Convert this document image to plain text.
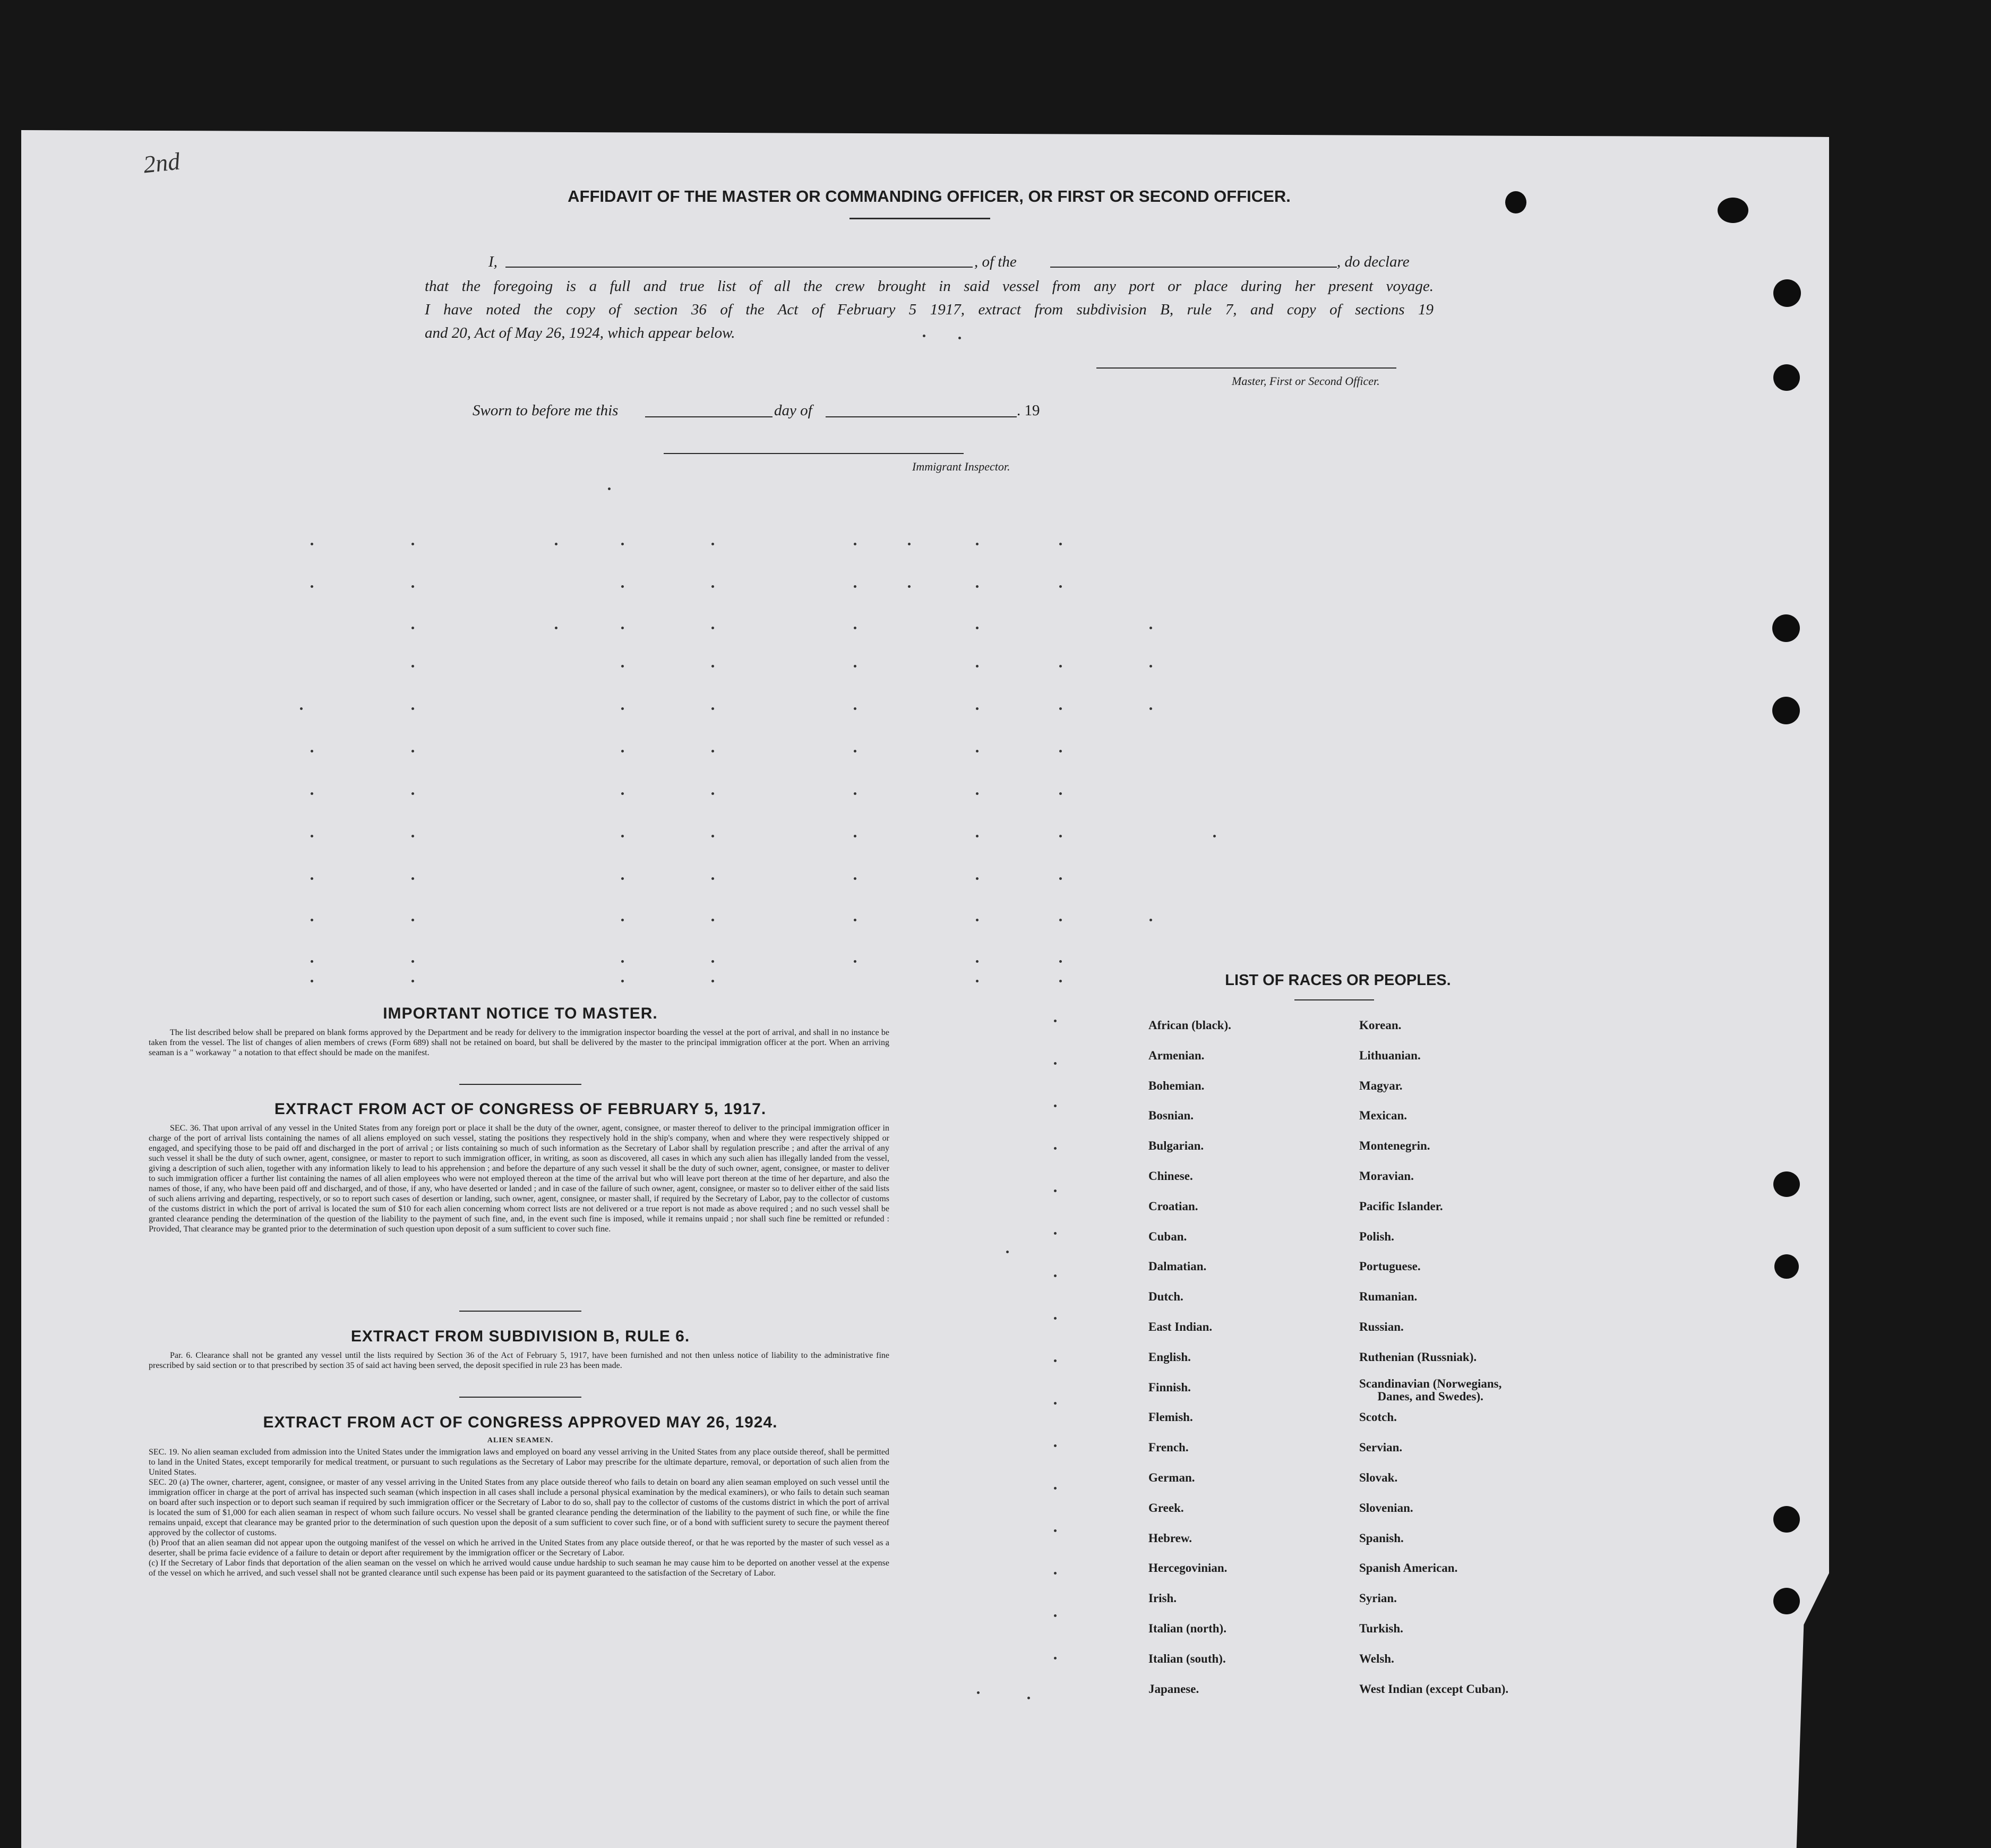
2nd
AFFIDAVIT OF THE MASTER OR COMMANDING OFFICER, OR FIRST OR SECOND OFFICER.
I,	, of the	, do declare
that the foregoing is a full and true list of all the crew brought in said vessel from any port or place during her present voyage.
I have noted the copy of section 36 of the Act of February 5 1917, extract from subdivision B, rule 7, and copy of sections 19
and 20, Act of May 26, 1924, which appear below.
Master, First or Second Officer.
Sworn to before me this	day of	. 19
Immigrant Inspector.
IMPORTANT NOTICE TO MASTER.
The list described below shall be prepared on blank forms approved by the Department and be ready for delivery to the immigration inspector boarding the vessel at the port of arrival, and shall in no instance be taken from the vessel. The list of changes of alien members of crews (Form 689) shall not be retained on board, but shall be delivered by the master to the principal immigration officer at the port. When an arriving seaman is a " workaway " a notation to that effect should be made on the manifest.
EXTRACT FROM ACT OF CONGRESS OF FEBRUARY 5, 1917.
SEC. 36. That upon arrival of any vessel in the United States from any foreign port or place it shall be the duty of the owner, agent, consignee, or master thereof to deliver to the principal immigration officer in charge of the port of arrival lists containing the names of all aliens employed on such vessel, stating the positions they respectively hold in the ship's company, when and where they were respectively shipped or engaged, and specifying those to be paid off and discharged in the port of arrival ; or lists containing so much of such information as the Secretary of Labor shall by regulation prescribe ; and after the arrival of any such vessel it shall be the duty of such owner, agent, consignee, or master to report to such immigration officer, in writing, as soon as discovered, all cases in which any such alien has illegally landed from the vessel, giving a description of such alien, together with any information likely to lead to his apprehension ; and before the departure of any such vessel it shall be the duty of such owner, agent, consignee, or master to deliver to such immigration officer a further list containing the names of all alien employees who were not employed thereon at the time of the arrival but who will leave port thereon at the time of her departure, and also the names of those, if any, who have been paid off and discharged, and of those, if any, who have deserted or landed ; and in case of the failure of such owner, agent, consignee, or master so to deliver either of the said lists of such aliens arriving and departing, respectively, or so to report such cases of desertion or landing, such owner, agent, consignee, or master shall, if required by the Secretary of Labor, pay to the collector of customs of the customs district in which the port of arrival is located the sum of $10 for each alien concerning whom correct lists are not delivered or a true report is not made as above required ; and no such vessel shall be granted clearance pending the determination of the question of the liability to the payment of such fine, and, in the event such fine is imposed, while it remains unpaid ; nor shall such fine be remitted or refunded : Provided, That clearance may be granted prior to the determination of such question upon deposit of a sum sufficient to cover such fine.
EXTRACT FROM SUBDIVISION B, RULE 6.
Par. 6. Clearance shall not be granted any vessel until the lists required by Section 36 of the Act of February 5, 1917, have been furnished and not then unless notice of liability to the administrative fine prescribed by said section or to that prescribed by section 35 of said act having been served, the deposit specified in rule 23 has been made.
EXTRACT FROM ACT OF CONGRESS APPROVED MAY 26, 1924.
ALIEN SEAMEN.
SEC. 19. No alien seaman excluded from admission into the United States under the immigration laws and employed on board any vessel arriving in the United States from any place outside thereof, shall be permitted to land in the United States, except temporarily for medical treatment, or pursuant to such regulations as the Secretary of Labor may prescribe for the ultimate departure, removal, or deportation of such alien from the United States.
SEC. 20 (a) The owner, charterer, agent, consignee, or master of any vessel arriving in the United States from any place outside thereof who fails to detain on board any alien seaman employed on such vessel until the immigration officer in charge at the port of arrival has inspected such seaman (which inspection in all cases shall include a personal physical examination by the medical examiners), or who fails to detain such seaman on board after such inspection or to deport such seaman if required by such immigration officer or the Secretary of Labor to do so, shall pay to the collector of customs of the customs district in which the port of arrival is located the sum of $1,000 for each alien seaman in respect of whom such failure occurs. No vessel shall be granted clearance pending the determination of the liability to the payment of such fine, or while the fine remains unpaid, except that clearance may be granted prior to the determination of such question upon the deposit of a sum sufficient to cover such fine, or of a bond with sufficient surety to secure the payment thereof approved by the collector of customs.
(b) Proof that an alien seaman did not appear upon the outgoing manifest of the vessel on which he arrived in the United States from any place outside thereof, or that he was reported by the master of such vessel as a deserter, shall be prima facie evidence of a failure to detain or deport after requirement by the immigration officer or the Secretary of Labor.
(c) If the Secretary of Labor finds that deportation of the alien seaman on the vessel on which he arrived would cause undue hardship to such seaman he may cause him to be deported on another vessel at the expense of the vessel on which he arrived, and such vessel shall not be granted clearance until such expense has been paid or its payment guaranteed to the satisfaction of the Secretary of Labor.
LIST OF RACES OR PEOPLES.
African (black).
Armenian.
Bohemian.
Bosnian.
Bulgarian.
Chinese.
Croatian.
Cuban.
Dalmatian.
Dutch.
East Indian.
English.
Finnish.
Flemish.
French.
German.
Greek.
Hebrew.
Hercegovinian.
Irish.
Italian (north).
Italian (south).
Japanese.
Korean.
Lithuanian.
Magyar.
Mexican.
Montenegrin.
Moravian.
Pacific Islander.
Polish.
Portuguese.
Rumanian.
Russian.
Ruthenian (Russniak).
Scandinavian (Norwegians,
Danes, and Swedes).
Scotch.
Servian.
Slovak.
Slovenian.
Spanish.
Spanish American.
Syrian.
Turkish.
Welsh.
West Indian (except Cuban).
